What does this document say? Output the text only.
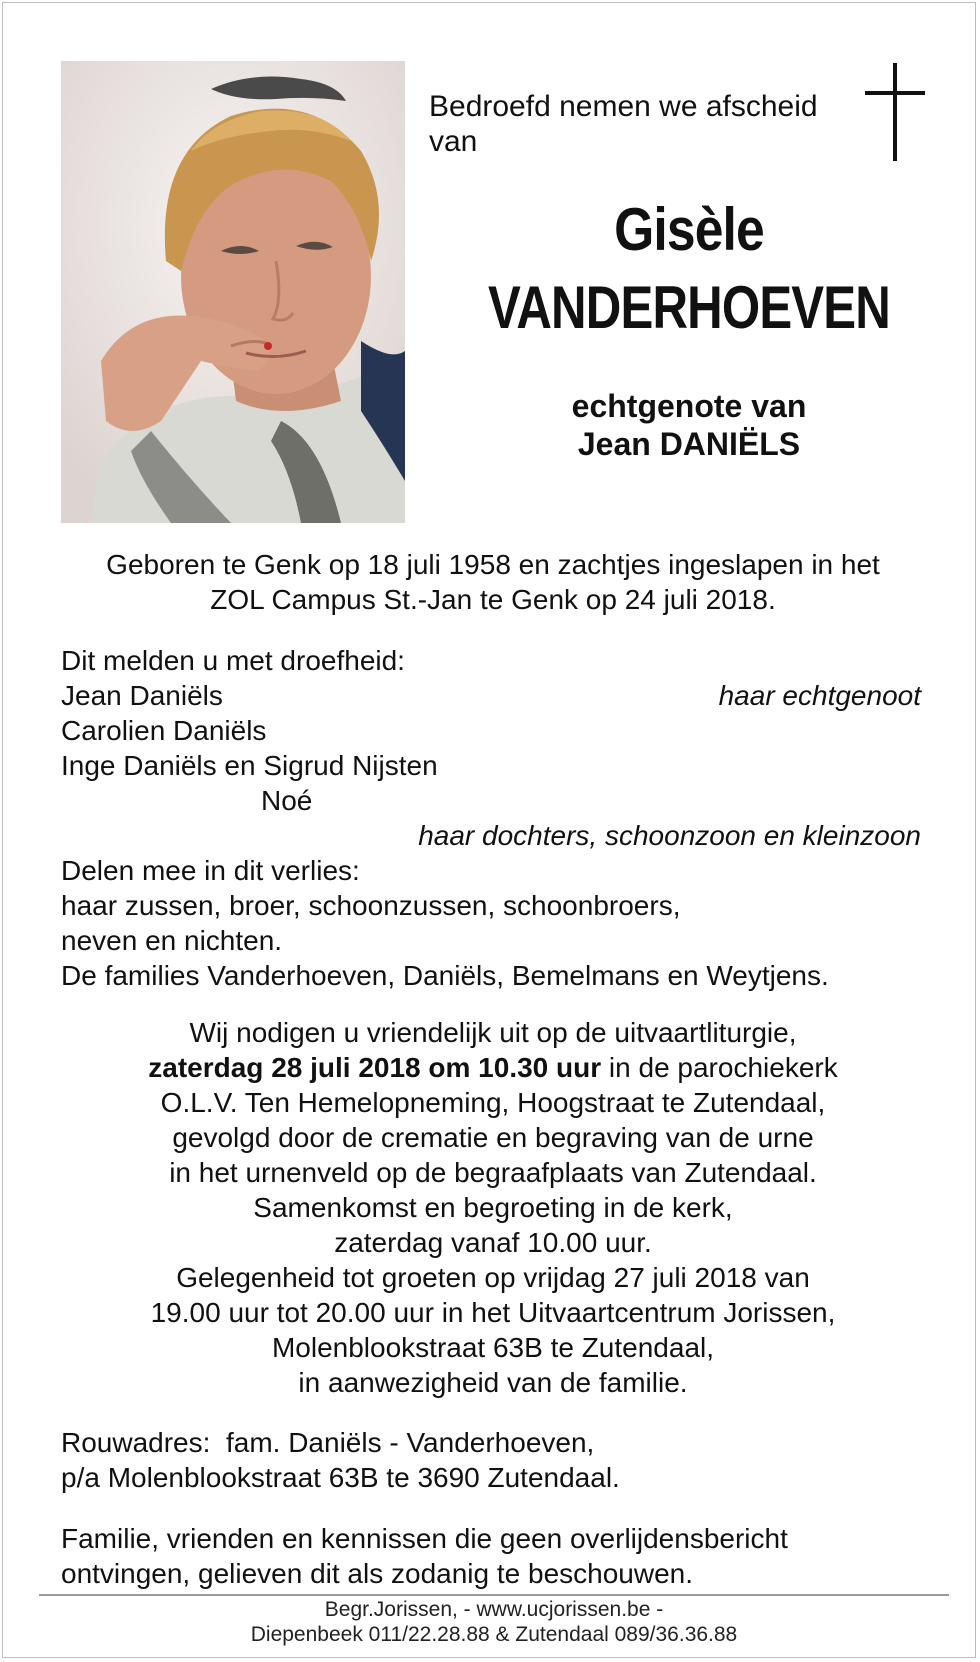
Bedroefd nemen we afscheid
van
Gisèle
VANDERHOEVEN
echtgenote van
Jean DANIËLS
Geboren te Genk op 18 juli 1958 en zachtjes ingeslapen in het
ZOL Campus St.-Jan te Genk op 24 juli 2018.
Dit melden u met droefheid:
Jean Daniëls	haar echtgenoot
Carolien Daniëls
Inge Daniëls en Sigrud Nijsten
Noé
haar dochters, schoonzoon en kleinzoon
Delen mee in dit verlies:
haar zussen, broer, schoonzussen, schoonbroers,
neven en nichten.
De families Vanderhoeven, Daniëls, Bemelmans en Weytjens.
Wij nodigen u vriendelijk uit op de uitvaartliturgie,
zaterdag 28 juli 2018 om 10.30 uur in de parochiekerk
O.L.V. Ten Hemelopneming, Hoogstraat te Zutendaal,
gevolgd door de crematie en begraving van de urne
in het urnenveld op de begraafplaats van Zutendaal.
Samenkomst en begroeting in de kerk,
zaterdag vanaf 10.00 uur.
Gelegenheid tot groeten op vrijdag 27 juli 2018 van
19.00 uur tot 20.00 uur in het Uitvaartcentrum Jorissen,
Molenblookstraat 63B te Zutendaal,
in aanwezigheid van de familie.
Rouwadres:  fam. Daniëls - Vanderhoeven,
p/a Molenblookstraat 63B te 3690 Zutendaal.
Familie, vrienden en kennissen die geen overlijdensbericht
ontvingen, gelieven dit als zodanig te beschouwen.
Begr.Jorissen, - www.ucjorissen.be -
Diepenbeek 011/22.28.88 & Zutendaal 089/36.36.88
